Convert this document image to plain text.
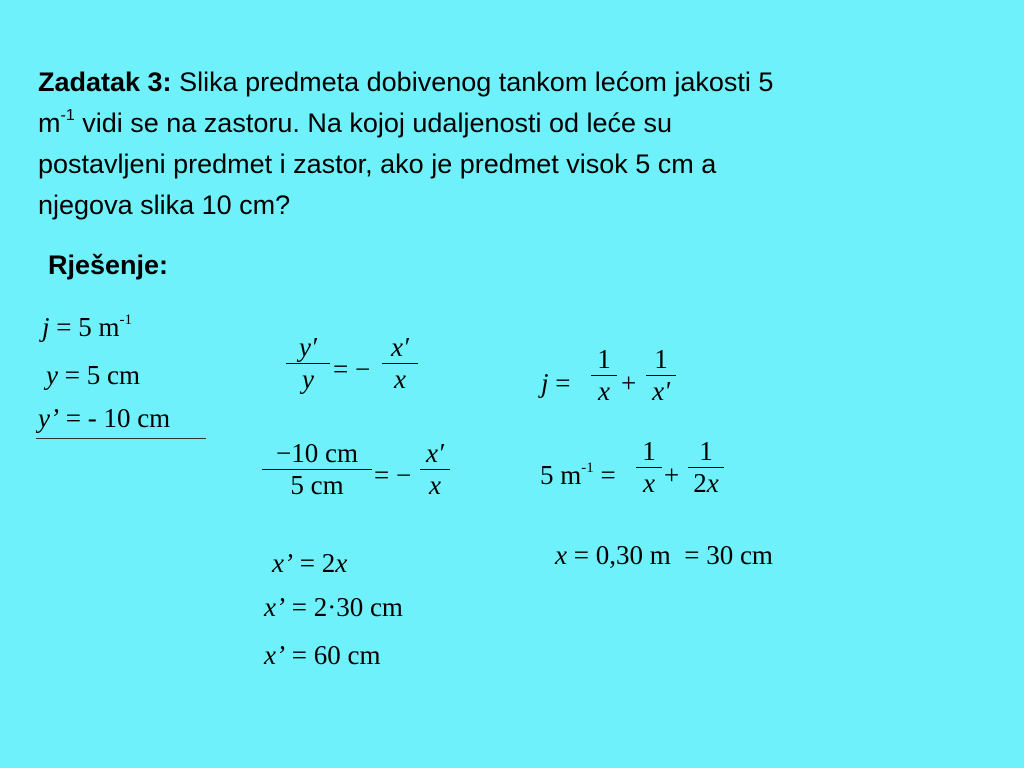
Zadatak 3: Slika predmeta dobivenog tankom lećom jakosti 5
$m^{-1}$ vidi se na zastoru. Na kojoj udaljenosti od leće su
postavljeni predmet i zastor, ako je predmet visok 5 cm a
njegova slika 10 cm?
Rješenje:
j = 5 $m^{-1}$
y = 5 cm
y’ = - 10 cm
y′
y = −
x′
x
−10 cm
5 cm	= −
x′
x
x’ = 2x
x’ = 2·30 cm
x’ = 60 cm
j =
1
x +
1
x'
5 $m^{-1}$ =
1
x +
1
2x
x = 0,30 m  = 30 cm
